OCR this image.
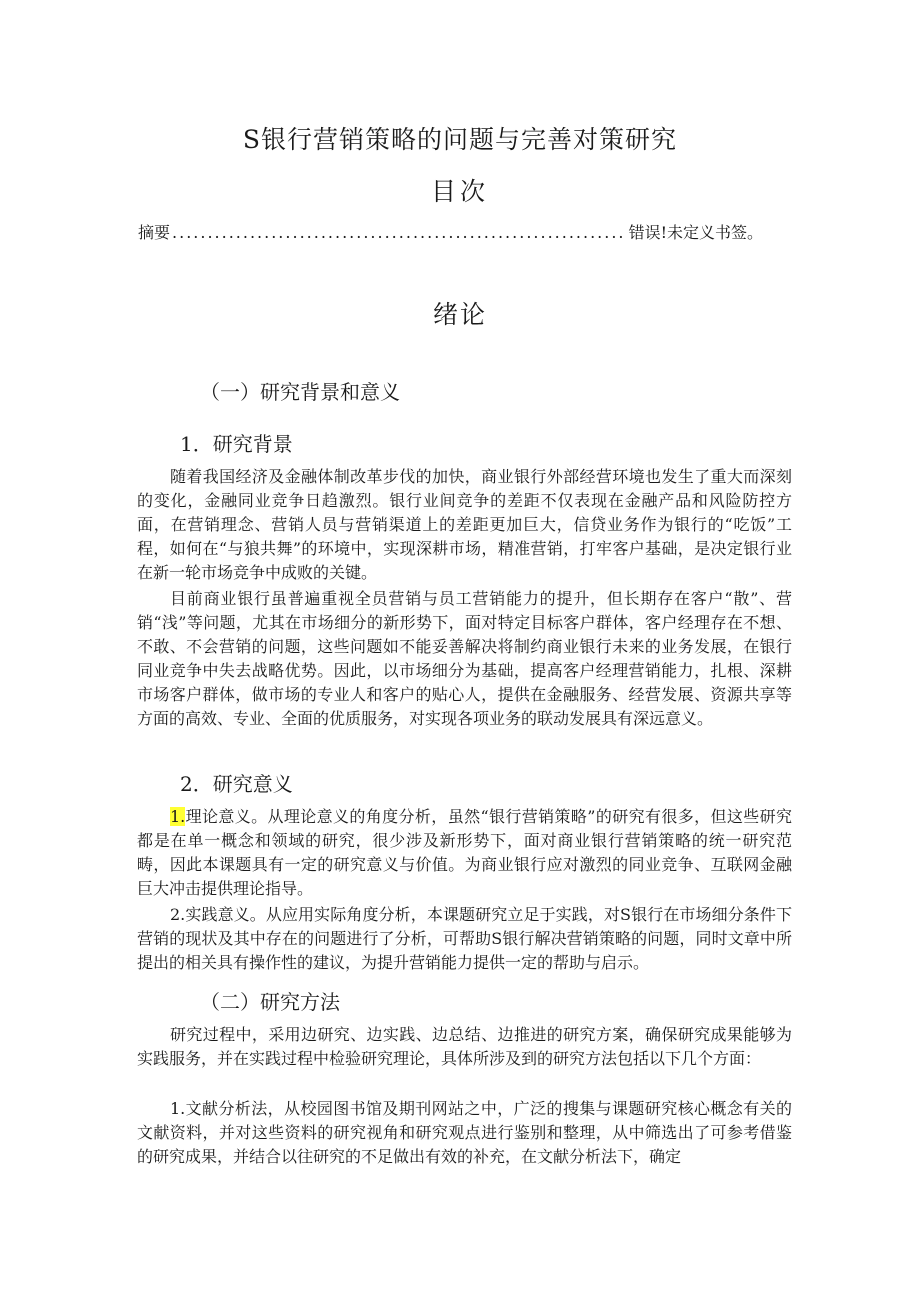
S银行营销策略的问题与完善对策研究
目次
摘要
.....	错误!未定义书签。
绪论
（一）研究背景和意义
1．研究背景

随着我国经济及金融体制改革步伐的加快，商业银行外部经营环境也发生了重大而深刻的变化，金融同业竞争日趋激烈。银行业间竞争的差距不仅表现在金融产品和风险防控方面，在营销理念、营销人员与营销渠道上的差距更加巨大，信贷业务作为银行的“吃饭”工程，如何在“与狼共舞”的环境中，实现深耕市场，精准营销，打牢客户基础，是决定银行业在新一轮市场竞争中成败的关键。

目前商业银行虽普遍重视全员营销与员工营销能力的提升，但长期存在客户“散”、营销“浅”等问题，尤其在市场细分的新形势下，面对特定目标客户群体，客户经理存在不想、不敢、不会营销的问题，这些问题如不能妥善解决将制约商业银行未来的业务发展，在银行同业竞争中失去战略优势。因此，以市场细分为基础，提高客户经理营销能力，扎根、深耕市场客户群体，做市场的专业人和客户的贴心人，提供在金融服务、经营发展、资源共享等方面的高效、专业、全面的优质服务，对实现各项业务的联动发展具有深远意义。

2．研究意义

1.理论意义。从理论意义的角度分析，虽然“银行营销策略”的研究有很多，但这些研究都是在单一概念和领域的研究，很少涉及新形势下，面对商业银行营销策略的统一研究范畴，因此本课题具有一定的研究意义与价值。为商业银行应对激烈的同业竞争、互联网金融巨大冲击提供理论指导。

2.实践意义。从应用实际角度分析，本课题研究立足于实践，对S银行在市场细分条件下营销的现状及其中存在的问题进行了分析，可帮助S银行解决营销策略的问题，同时文章中所提出的相关具有操作性的建议，为提升营销能力提供一定的帮助与启示。

（二）研究方法

研究过程中，采用边研究、边实践、边总结、边推进的研究方案，确保研究成果能够为实践服务，并在实践过程中检验研究理论，具体所涉及到的研究方法包括以下几个方面：

1.文献分析法，从校园图书馆及期刊网站之中，广泛的搜集与课题研究核心概念有关的文献资料，并对这些资料的研究视角和研究观点进行鉴别和整理，从中筛选出了可参考借鉴的研究成果，并结合以往研究的不足做出有效的补充，在文献分析法下，确定
